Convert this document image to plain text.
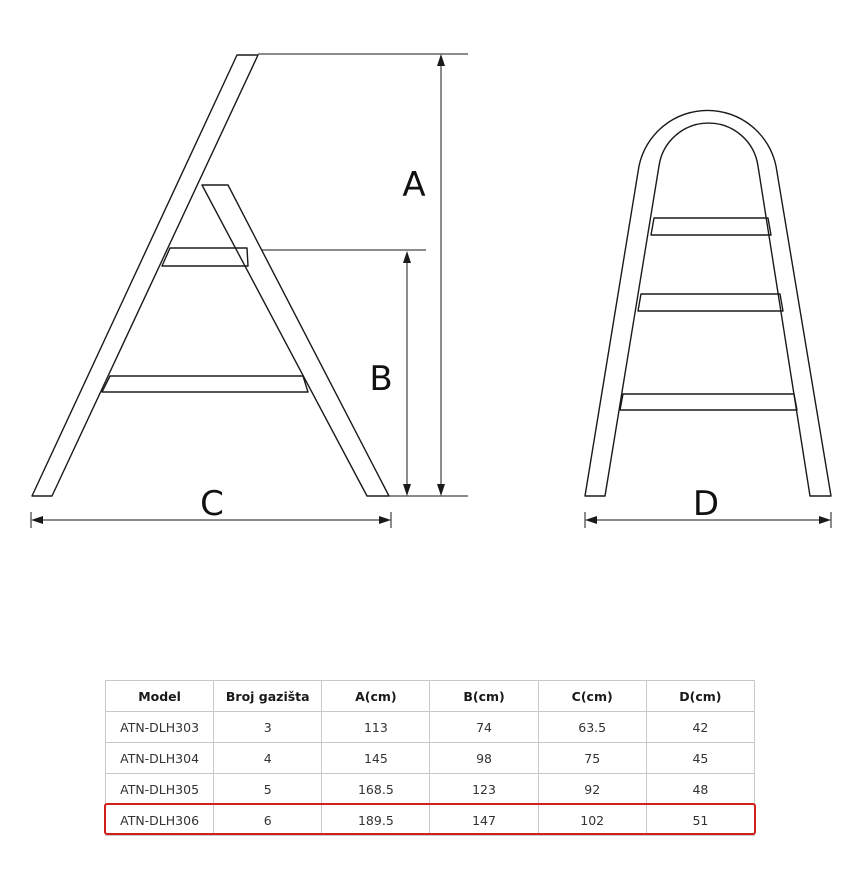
A
B
C	D
Model	Broj gazišta	A(cm)	B(cm)	C(cm)	D(cm)
ATN-DLH303	3	113	74	63.5	42
ATN-DLH304	4	145	98	75	45
ATN-DLH305	5	168.5	123	92	48
ATN-DLH306	6	189.5	147	102	51
